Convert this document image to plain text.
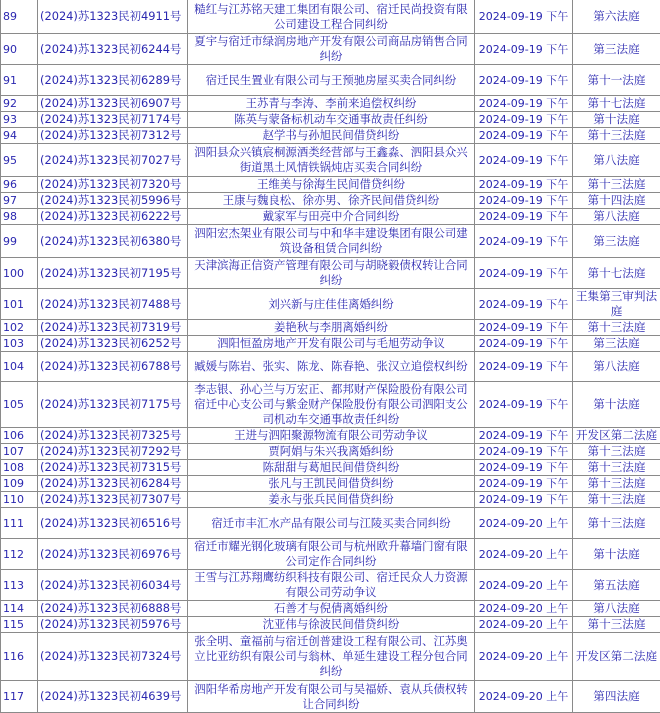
89	(2024)苏1323民初4911号	糙红与江苏铭天建工集团有限公司、宿迁民尚投资有限公司建设工程合同纠纷	2024-09-19 下午	第六法庭
90	(2024)苏1323民初6244号	夏宇与宿迁市绿润房地产开发有限公司商品房销售合同纠纷	2024-09-19 下午	第三法庭
91	(2024)苏1323民初6289号	宿迁民生置业有限公司与王预驰房屋买卖合同纠纷	2024-09-19 下午	第十一法庭
92	(2024)苏1323民初6907号	王苏青与李涛、李前来追偿权纠纷	2024-09-19 下午	第十七法庭
93	(2024)苏1323民初7174号	陈英与蒙备标机动车交通事故责任纠纷	2024-09-19 下午	第十法庭
94	(2024)苏1323民初7312号	赵学书与孙旭民间借贷纠纷	2024-09-19 下午	第十三法庭
95	(2024)苏1323民初7027号	泗阳县众兴镇宸桐源酒类经营部与王鑫淼、泗阳县众兴街道黑土风情铁锅炖店买卖合同纠纷	2024-09-19 下午	第八法庭
96	(2024)苏1323民初7320号	王维美与徐海生民间借贷纠纷	2024-09-19 下午	第十三法庭
97	(2024)苏1323民初5996号	王康与魏良松、徐亦男、徐齐民间借贷纠纷	2024-09-19 下午	第十四法庭
98	(2024)苏1323民初6222号	戴家军与田亮中介合同纠纷	2024-09-19 下午	第八法庭
99	(2024)苏1323民初6380号	泗阳宏杰架业有限公司与中和华丰建设集团有限公司建筑设备租赁合同纠纷	2024-09-19 下午	第三法庭
100	(2024)苏1323民初7195号	天津滨海正信资产管理有限公司与胡晓毅债权转让合同纠纷	2024-09-19 下午	第十七法庭
101	(2024)苏1323民初7488号	刘兴新与庄佳佳离婚纠纷	2024-09-19 下午	王集第三审判法庭
102	(2024)苏1323民初7319号	姜艳秋与李朋离婚纠纷	2024-09-19 下午	第十三法庭
103	(2024)苏1323民初6252号	泗阳恒盈房地产开发有限公司与毛旭劳动争议	2024-09-19 下午	第三法庭
104	(2024)苏1323民初6788号	臧媛与陈岩、张实、陈龙、陈春艳、张汉立追偿权纠纷	2024-09-19 下午	第八法庭
105	(2024)苏1323民初7175号	李志银、孙心兰与万宏正、都邦财产保险股份有限公司宿迁中心支公司与紫金财产保险股份有限公司泗阳支公司机动车交通事故责任纠纷	2024-09-19 下午	第十法庭
106	(2024)苏1323民初7325号	王进与泗阳聚源物流有限公司劳动争议	2024-09-19 下午	开发区第二法庭
107	(2024)苏1323民初7292号	贾阿娟与朱兴我离婚纠纷	2024-09-19 下午	第十三法庭
108	(2024)苏1323民初7315号	陈甜甜与葛旭民间借贷纠纷	2024-09-19 下午	第十三法庭
109	(2024)苏1323民初6284号	张凡与王凯民间借贷纠纷	2024-09-19 下午	第十三法庭
110	(2024)苏1323民初7307号	姜永与张兵民间借贷纠纷	2024-09-19 下午	第十三法庭
111	(2024)苏1323民初6516号	宿迁市丰汇水产品有限公司与江陵买卖合同纠纷	2024-09-20 上午	第十三法庭
112	(2024)苏1323民初6976号	宿迁市耀光钢化玻璃有限公司与杭州欧升幕墙门窗有限公司定作合同纠纷	2024-09-20 上午	第十法庭
113	(2024)苏1323民初6034号	王雪与江苏翔鹰纺织科技有限公司、宿迁民众人力资源有限公司劳动争议	2024-09-20 上午	第五法庭
114	(2024)苏1323民初6888号	石善才与倪倩离婚纠纷	2024-09-20 上午	第八法庭
115	(2024)苏1323民初5976号	沈亚伟与徐波民间借贷纠纷	2024-09-20 上午	第十三法庭
116	(2024)苏1323民初7324号	张全明、童福前与宿迁创普建设工程有限公司、江苏奥立比亚纺织有限公司与翁林、单延生建设工程分包合同纠纷	2024-09-20 上午	开发区第二法庭
117	(2024)苏1323民初4639号	泗阳华希房地产开发有限公司与吴福娇、袁从兵债权转让合同纠纷	2024-09-20 上午	第四法庭
